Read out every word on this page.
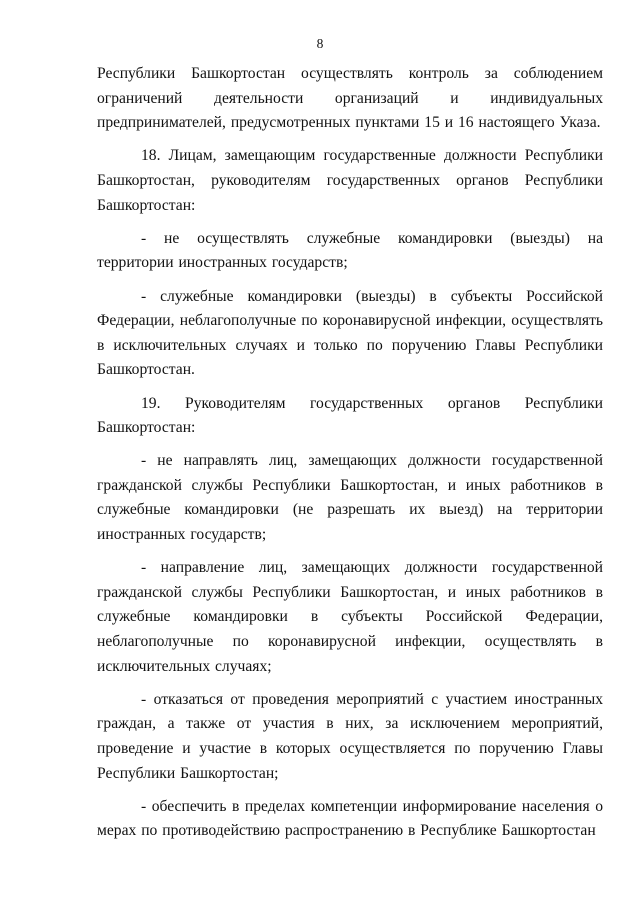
8

Республики Башкортостан осуществлять контроль за соблюдением ограничений деятельности организаций и индивидуальных предпринимателей, предусмотренных пунктами 15 и 16 настоящего Указа.

18. Лицам, замещающим государственные должности Республики Башкортостан, руководителям государственных органов Республики Башкортостан:

- не осуществлять служебные командировки (выезды) на территории иностранных государств;

- служебные командировки (выезды) в субъекты Российской Федерации, неблагополучные по коронавирусной инфекции, осуществлять в исключительных случаях и только по поручению Главы Республики Башкортостан.

19. Руководителям государственных органов Республики Башкортостан:

- не направлять лиц, замещающих должности государственной гражданской службы Республики Башкортостан, и иных работников в служебные командировки (не разрешать их выезд) на территории иностранных государств;

- направление лиц, замещающих должности государственной гражданской службы Республики Башкортостан, и иных работников в служебные командировки в субъекты Российской Федерации, неблагополучные по коронавирусной инфекции, осуществлять в исключительных случаях;

- отказаться от проведения мероприятий с участием иностранных граждан, а также от участия в них, за исключением мероприятий, проведение и участие в которых осуществляется по поручению Главы Республики Башкортостан;

- обеспечить в пределах компетенции информирование населения о мерах по противодействию распространению в Республике Башкортостан
